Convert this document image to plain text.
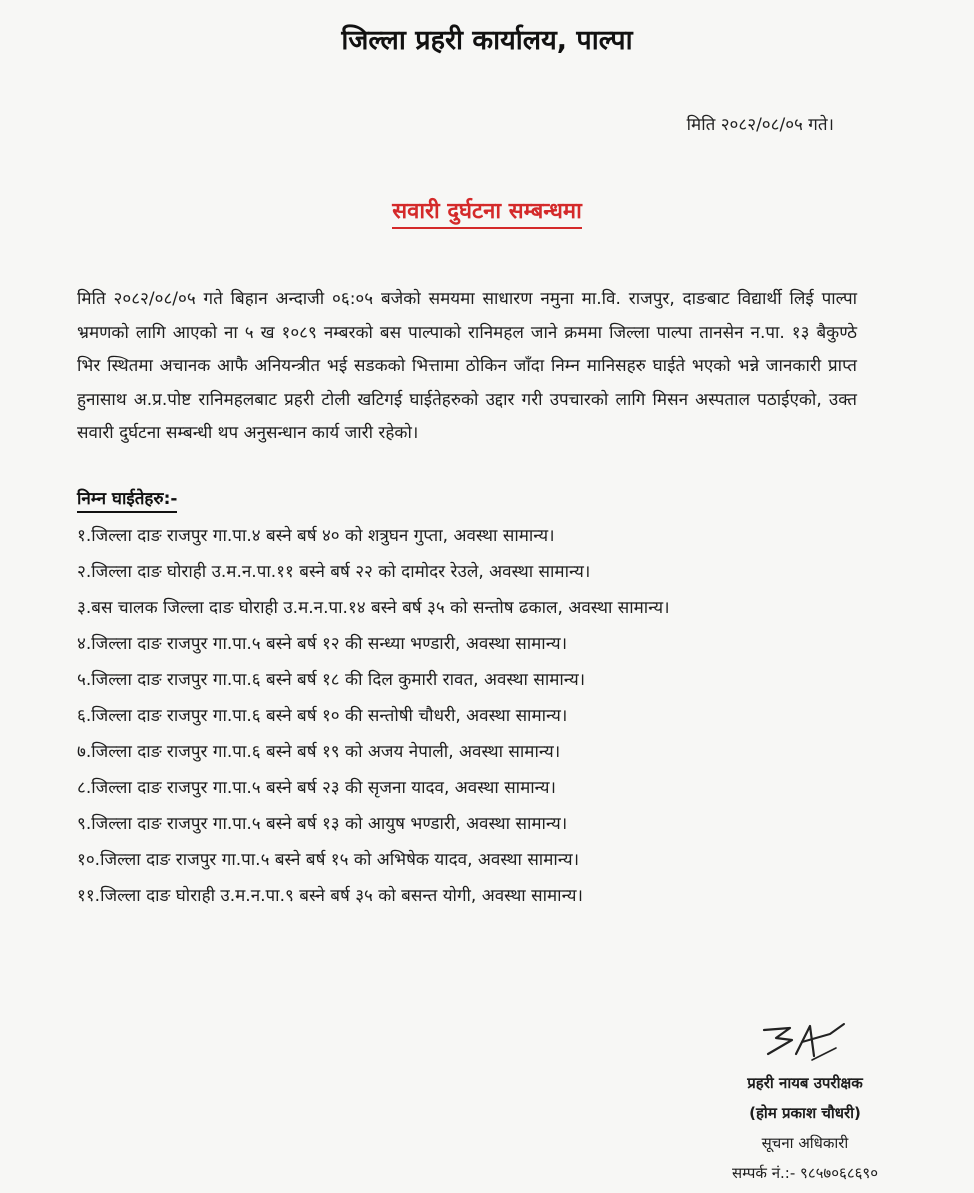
जिल्ला प्रहरी कार्यालय, पाल्पा
मिति २०८२/०८/०५ गते।
सवारी दुर्घटना सम्बन्धमा
मिति २०८२/०८/०५ गते बिहान अन्दाजी ०६:०५ बजेको समयमा साधारण नमुना मा.वि. राजपुर, दाङबाट विद्यार्थी लिई पाल्पा भ्रमणको लागि आएको ना ५ ख १०८९ नम्बरको बस पाल्पाको रानिमहल जाने क्रममा जिल्ला पाल्पा तानसेन न.पा. १३ बैकुण्ठे भिर स्थितमा अचानक आफै अनियन्त्रीत भई सडकको भित्तामा ठोकिन जाँदा निम्न मानिसहरु घाईते भएको भन्ने जानकारी प्राप्त हुनासाथ अ.प्र.पोष्ट रानिमहलबाट प्रहरी टोली खटिगई घाईतेहरुको उद्दार गरी उपचारको लागि मिसन अस्पताल पठाईएको, उक्त सवारी दुर्घटना सम्बन्धी थप अनुसन्धान कार्य जारी रहेको।
निम्न घाईतेहरु:-
१.जिल्ला दाङ राजपुर गा.पा.४ बस्ने बर्ष ४० को शत्रुघन गुप्ता, अवस्था सामान्य।
२.जिल्ला दाङ घोराही उ.म.न.पा.११ बस्ने बर्ष २२ को दामोदर रेउले, अवस्था सामान्य।
३.बस चालक जिल्ला दाङ घोराही उ.म.न.पा.१४ बस्ने बर्ष ३५ को सन्तोष ढकाल, अवस्था सामान्य।
४.जिल्ला दाङ राजपुर गा.पा.५ बस्ने बर्ष १२ की सन्ध्या भण्डारी, अवस्था सामान्य।
५.जिल्ला दाङ राजपुर गा.पा.६ बस्ने बर्ष १८ की दिल कुमारी रावत, अवस्था सामान्य।
६.जिल्ला दाङ राजपुर गा.पा.६ बस्ने बर्ष १० की सन्तोषी चौधरी, अवस्था सामान्य।
७.जिल्ला दाङ राजपुर गा.पा.६ बस्ने बर्ष १९ को अजय नेपाली, अवस्था सामान्य।
८.जिल्ला दाङ राजपुर गा.पा.५ बस्ने बर्ष २३ की सृजना यादव, अवस्था सामान्य।
९.जिल्ला दाङ राजपुर गा.पा.५ बस्ने बर्ष १३ को आयुष भण्डारी, अवस्था सामान्य।
१०.जिल्ला दाङ राजपुर गा.पा.५ बस्ने बर्ष १५ को अभिषेक यादव, अवस्था सामान्य।
११.जिल्ला दाङ घोराही उ.म.न.पा.९ बस्ने बर्ष ३५ को बसन्त योगी, अवस्था सामान्य।
प्रहरी नायब उपरीक्षक
(होम प्रकाश चौधरी)
सूचना अधिकारी
सम्पर्क नं.:- ९८५७०६८६९०
